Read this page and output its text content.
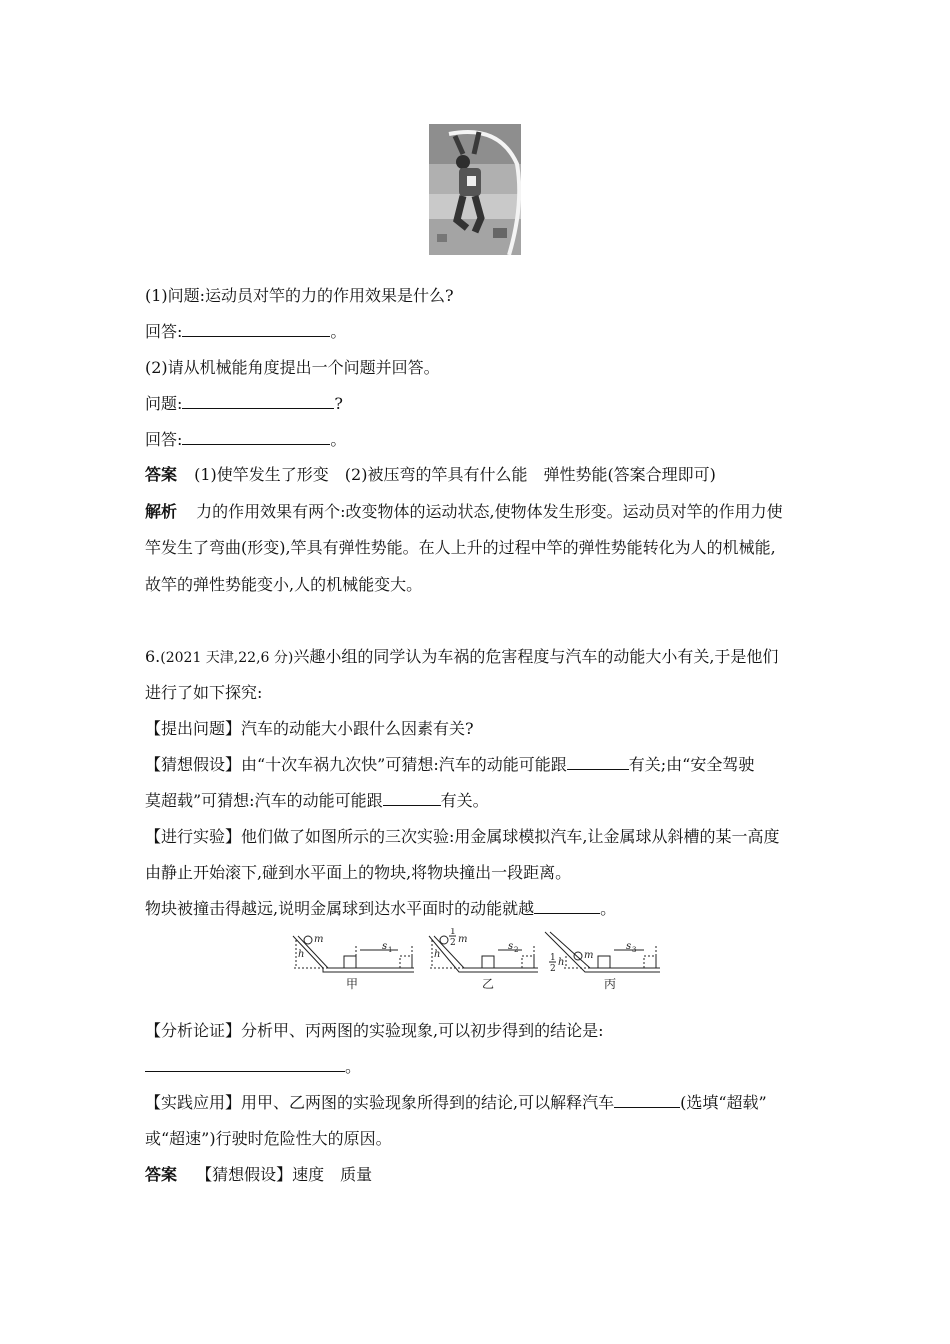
(1)问题:运动员对竿的力的作用效果是什么?
回答:	。
(2)请从机械能角度提出一个问题并回答。
问题:	?
回答:	。
答案 (1)使竿发生了形变　(2)被压弯的竿具有什么能　弹性势能(答案合理即可)
解析 力的作用效果有两个:改变物体的运动状态,使物体发生形变。运动员对竿的作用力使
竿发生了弯曲(形变),竿具有弹性势能。在人上升的过程中竿的弹性势能转化为人的机械能,
故竿的弹性势能变小,人的机械能变大。
6.(2021 天津,22,6 分)兴趣小组的同学认为车祸的危害程度与汽车的动能大小有关,于是他们
进行了如下探究:
【提出问题】汽车的动能大小跟什么因素有关?
【猜想假设】由“十次车祸九次快”可猜想:汽车的动能可能跟	有关;由“安全驾驶
莫超载”可猜想:汽车的动能可能跟	有关。
【进行实验】他们做了如图所示的三次实验:用金属球模拟汽车,让金属球从斜槽的某一高度
由静止开始滚下,碰到水平面上的物块,将物块撞出一段距离。
物块被撞击得越远,说明金属球到达水平面时的动能就越	。
m
h
s 1
甲
1
2 m
h
s 2
乙
m
1
2
h
s 3
丙
【分析论证】分析甲、丙两图的实验现象,可以初步得到的结论是:
。
【实践应用】用甲、乙两图的实验现象所得到的结论,可以解释汽车	(选填“超载”
或“超速”)行驶时危险性大的原因。
答案 【猜想假设】速度　质量
